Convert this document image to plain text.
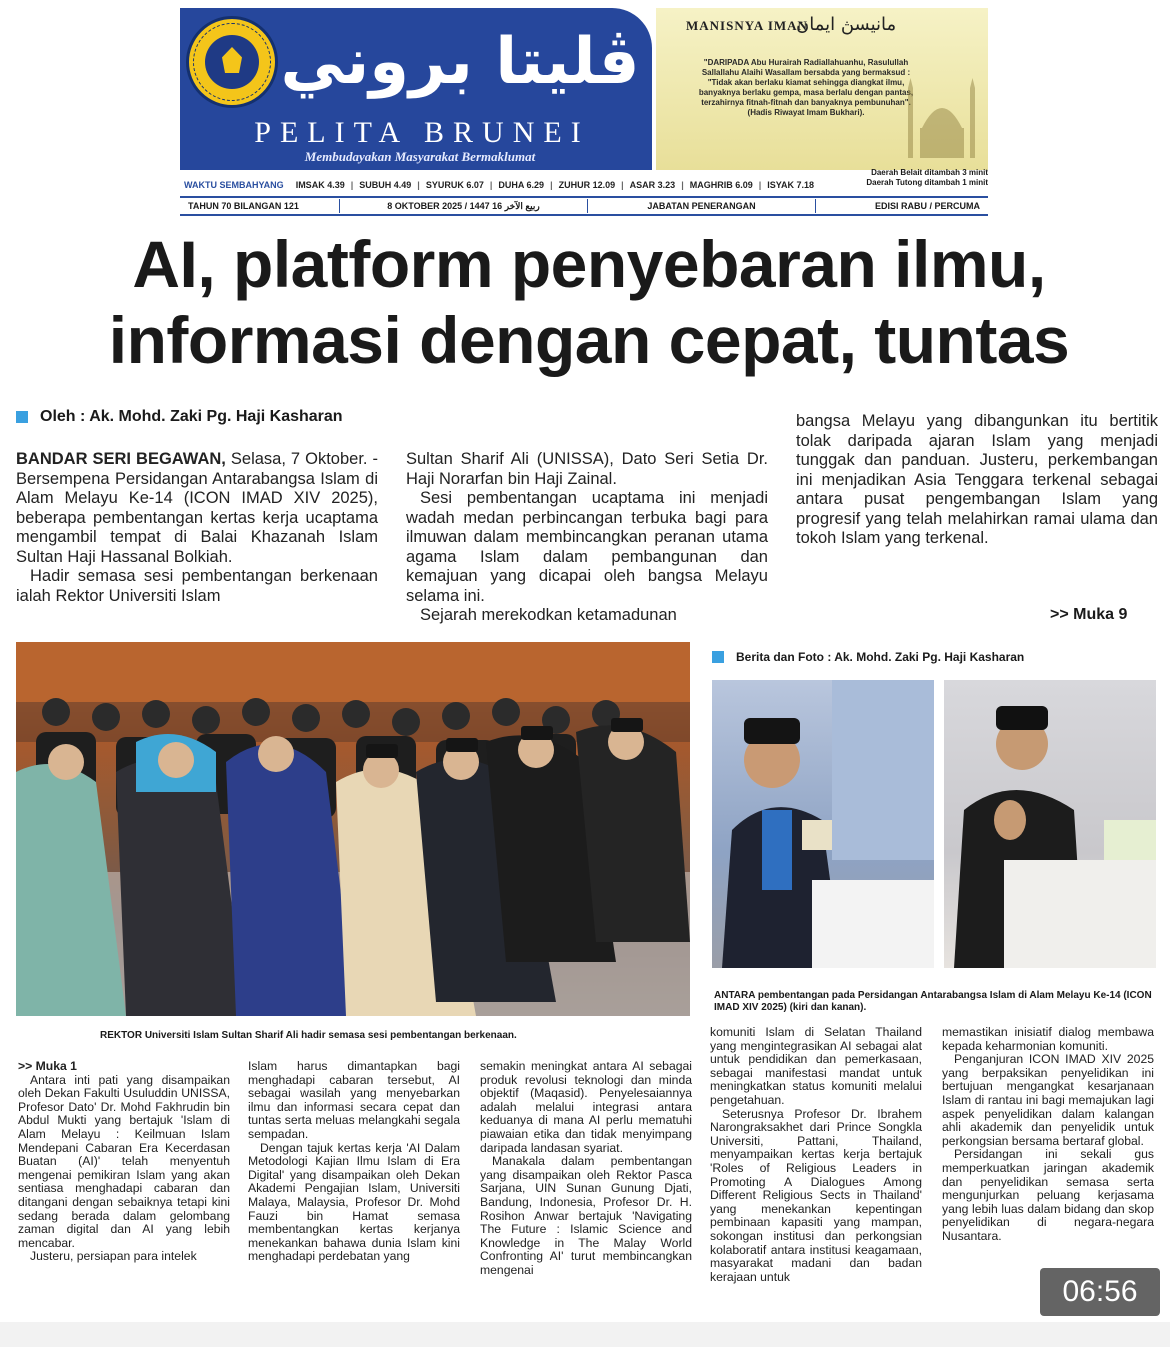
ڤليتا بروني
PELITA BRUNEI
Membudayakan Masyarakat Bermaklumat
MANISNYA IMAN
مانيسڽ ايمان
"DARIPADA Abu Hurairah Radiallahuanhu, Rasulullah Sallallahu Alaihi Wasallam bersabda yang bermaksud : "Tidak akan berlaku kiamat sehingga diangkat ilmu, banyaknya berlaku gempa, masa berlalu dengan pantas, terzahirnya fitnah-fitnah dan banyaknya pembunuhan". (Hadis Riwayat Imam Bukhari).
WAKTU SEMBAHYANG IMSAK 4.39 |	SUBUH 4.49 |	SYURUK 6.07 |	DUHA 6.29 |	ZUHUR 12.09 |	ASAR 3.23 |	MAGHRIB 6.09 |	ISYAK 7.18
Daerah Belait ditambah 3 minit
Daerah Tutong ditambah 1 minit
TAHUN 70 BILANGAN 121	8 OKTOBER 2025 / 1447 ربيع الآخر 16	JABATAN PENERANGAN	EDISI RABU / PERCUMA
AI, platform penyebaran ilmu,
informasi dengan cepat, tuntas
Oleh : Ak. Mohd. Zaki Pg. Haji Kasharan

BANDAR SERI BEGAWAN, Selasa, 7 Oktober. - Bersempena Persidangan Antarabangsa Islam di Alam Melayu Ke-14 (ICON IMAD XIV 2025), beberapa pembentangan kertas kerja ucaptama mengambil tempat di Balai Khazanah Islam Sultan Haji Hassanal Bolkiah.

Hadir semasa sesi pembentangan berkenaan ialah Rektor Universiti Islam

Sultan Sharif Ali (UNISSA), Dato Seri Setia Dr. Haji Norarfan bin Haji Zainal.

Sesi pembentangan ucaptama ini menjadi wadah medan perbincangan terbuka bagi para ilmuwan dalam membincangkan peranan utama agama Islam dalam pembangunan dan kemajuan yang dicapai oleh bangsa Melayu selama ini.

Sejarah merekodkan ketamadunan

bangsa Melayu yang dibangunkan itu bertitik tolak daripada ajaran Islam yang menjadi tunggak dan panduan. Justeru, perkembangan ini menjadikan Asia Tenggara terkenal sebagai antara pusat pengembangan Islam yang progresif yang telah melahirkan ramai ulama dan tokoh Islam yang terkenal.

>> Muka 9
REKTOR Universiti Islam Sultan Sharif Ali hadir semasa sesi pembentangan berkenaan.
Berita dan Foto : Ak. Mohd. Zaki Pg. Haji Kasharan
ANTARA pembentangan pada Persidangan Antarabangsa Islam di Alam Melayu Ke-14 (ICON IMAD XIV 2025) (kiri dan kanan).

>> Muka 1

Antara inti pati yang disampaikan oleh Dekan Fakulti Usuluddin UNISSA, Profesor Dato' Dr. Mohd Fakhrudin bin Abdul Mukti yang bertajuk 'Islam di Alam Melayu : Keilmuan Islam Mendepani Cabaran Era Kecerdasan Buatan (AI)' telah menyentuh mengenai pemikiran Islam yang akan sentiasa menghadapi cabaran dan ditangani dengan sebaiknya tetapi kini sedang berada dalam gelombang zaman digital dan AI yang lebih mencabar.

Justeru, persiapan para intelek

Islam harus dimantapkan bagi menghadapi cabaran tersebut, AI sebagai wasilah yang menyebarkan ilmu dan informasi secara cepat dan tuntas serta meluas melangkahi segala sempadan.

Dengan tajuk kertas kerja 'AI Dalam Metodologi Kajian Ilmu Islam di Era Digital' yang disampaikan oleh Dekan Akademi Pengajian Islam, Universiti Malaya, Malaysia, Profesor Dr. Mohd Fauzi bin Hamat semasa membentangkan kertas kerjanya menekankan bahawa dunia Islam kini menghadapi perdebatan yang

semakin meningkat antara AI sebagai produk revolusi teknologi dan minda objektif (Maqasid). Penyelesaiannya adalah melalui integrasi antara keduanya di mana AI perlu mematuhi piawaian etika dan tidak menyimpang daripada landasan syariat.

Manakala dalam pembentangan yang disampaikan oleh Rektor Pasca Sarjana, UIN Sunan Gunung Djati, Bandung, Indonesia, Profesor Dr. H. Rosihon Anwar bertajuk 'Navigating The Future : Islamic Science and Knowledge in The Malay World Confronting AI' turut membincangkan mengenai

komuniti Islam di Selatan Thailand yang mengintegrasikan AI sebagai alat untuk pendidikan dan pemerkasaan, sebagai manifestasi mandat untuk meningkatkan status komuniti melalui pengetahuan.

Seterusnya Profesor Dr. Ibrahem Narongraksakhet dari Prince Songkla Universiti, Pattani, Thailand, menyampaikan kertas kerja bertajuk 'Roles of Religious Leaders in Promoting A Dialogues Among Different Religious Sects in Thailand' yang menekankan kepentingan pembinaan kapasiti yang mampan, sokongan institusi dan perkongsian kolaboratif antara institusi keagamaan, masyarakat madani dan badan kerajaan untuk

memastikan inisiatif dialog membawa kepada keharmonian komuniti.

Penganjuran ICON IMAD XIV 2025 yang berpaksikan penyelidikan ini bertujuan mengangkat kesarjanaan Islam di rantau ini bagi memajukan lagi aspek penyelidikan dalam kalangan ahli akademik dan penyelidik untuk perkongsian bersama bertaraf global.

Persidangan ini sekali gus memperkuatkan jaringan akademik dan penyelidikan semasa serta mengunjurkan peluang kerjasama yang lebih luas dalam bidang dan skop penyelidikan di negara-negara Nusantara.

06:56
